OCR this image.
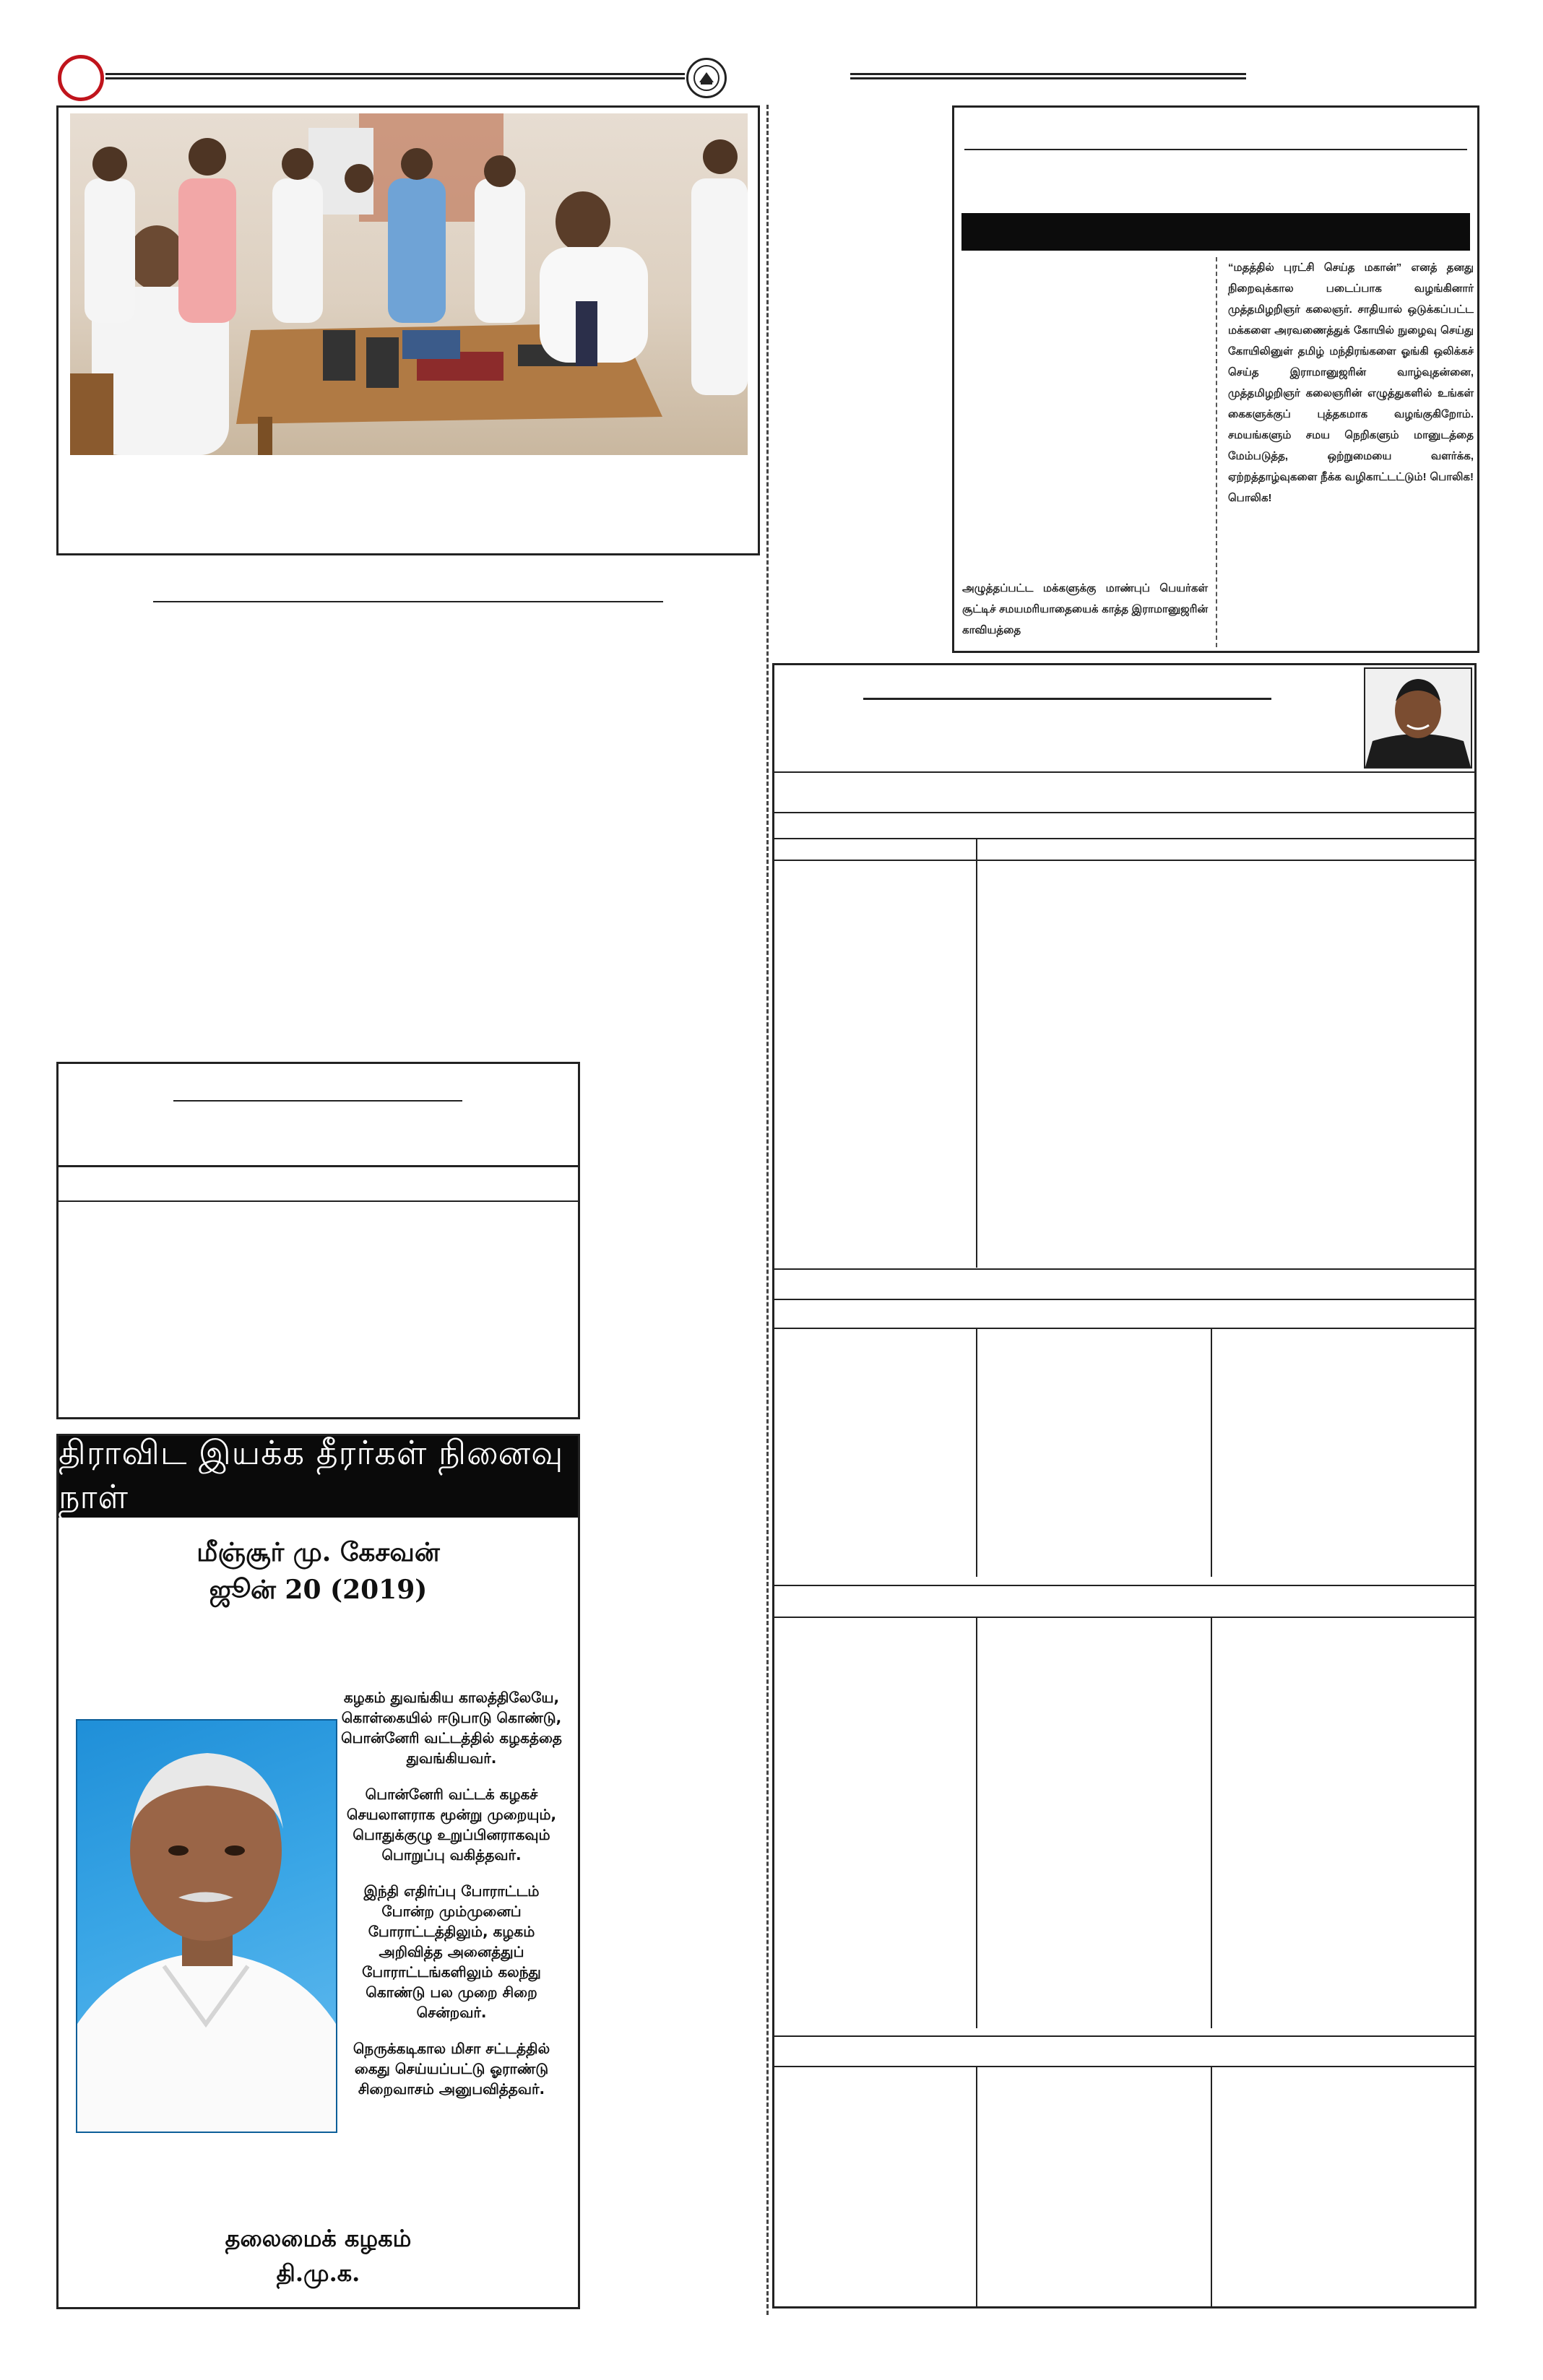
திராவிட இயக்க தீரர்கள் நினைவு நாள்
மீஞ்சூர் மு. கேசவன்
ஜூன் 20 (2019)

கழகம் துவங்கிய காலத்திலேயே, கொள்கையில் ஈடுபாடு கொண்டு, பொன்னேரி வட்டத்தில் கழகத்தை துவங்கியவர்.

பொன்னேரி வட்டக் கழகச் செயலாளராக மூன்று முறையும், பொதுக்குழு உறுப்பினராகவும் பொறுப்பு வகித்தவர்.

இந்தி எதிர்ப்பு போராட்டம் போன்ற மும்முனைப் போராட்டத்திலும், கழகம் அறிவித்த அனைத்துப் போராட்டங்களிலும் கலந்து கொண்டு பல முறை சிறை சென்றவர்.

நெருக்கடிகால மிசா சட்டத்தில் கைது செய்யப்பட்டு ஓராண்டு சிறைவாசம் அனுபவித்தவர்.

தலைமைக் கழகம்
தி.மு.க.
“மதத்தில் புரட்சி செய்த மகான்” எனத் தனது நிறைவுக்கால படைப்பாக வழங்கினார் முத்தமிழறிஞர் கலைஞர். சாதியால் ஒடுக்கப்பட்ட மக்களை அரவணைத்துக் கோயில் நுழைவு செய்து கோயிலினுள் தமிழ் மந்திரங்களை ஓங்கி ஒலிக்கச் செய்த இராமானுஜரின் வாழ்வுதன்னை, முத்தமிழறிஞர் கலைஞரின் எழுத்துகளில் உங்கள் கைகளுக்குப் புத்தகமாக வழங்குகிறோம். சமயங்களும் சமய நெறிகளும் மானுடத்தை மேம்படுத்த, ஒற்றுமையை வளர்க்க, ஏற்றத்தாழ்வுகளை நீக்க வழிகாட்டட்டும்! பொலிக! பொலிக!
அழுத்தப்பட்ட மக்களுக்கு மாண்புப் பெயர்கள் சூட்டிச் சமயமரியாதையைக் காத்த இராமானுஜரின் காவியத்தை
